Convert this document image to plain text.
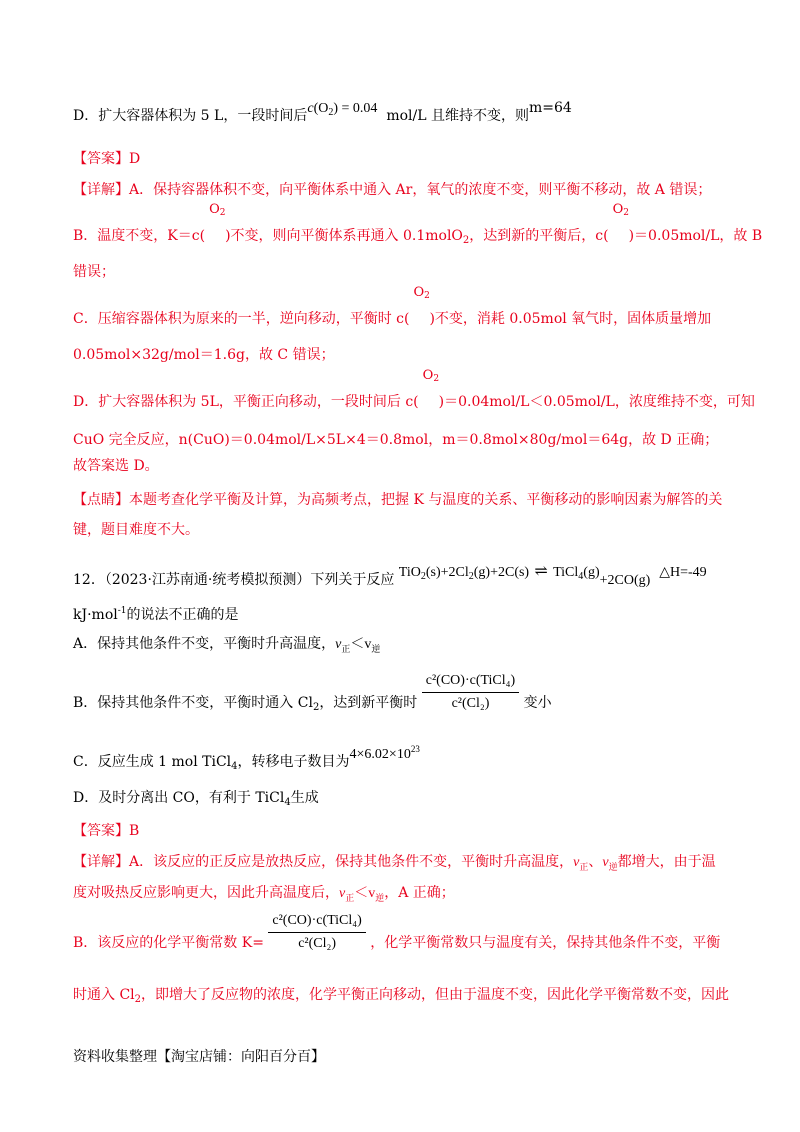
D．扩大容器体积为 5 L，一段时间后$c(O_2) = 0.04$ mol/L 且维持不变，则m=64
【答案】D
【详解】A．保持容器体积不变，向平衡体系中通入 Ar，氧气的浓度不变，则平衡不移动，故 A 错误；
B．温度不变，K＝c(
$O_2$
)不变，则向平衡体系再通入 0.1molO$_2$，达到新的平衡后，c(
$O_2$
)＝0.05mol/L，故 B
错误；
C．压缩容器体积为原来的一半，逆向移动，平衡时 c(
$O_2$
)不变，消耗 0.05mol 氧气时，固体质量增加
0.05mol×32g/mol＝1.6g，故 C 错误；
D．扩大容器体积为 5L，平衡正向移动，一段时间后 c(
$O_2$
)＝0.04mol/L＜0.05mol/L，浓度维持不变，可知
CuO 完全反应，n(CuO)＝0.04mol/L×5L×4＝0.8mol，m＝0.8mol×80g/mol＝64g，故 D 正确；
故答案选 D。
【点睛】本题考查化学平衡及计算，为高频考点，把握 K 与温度的关系、平衡移动的影响因素为解答的关
键，题目难度不大。
12．（2023·江苏南通·统考模拟预测）下列关于反应 $TiO_2(s)+2Cl_2(g)+2C(s)$ ⇌ TiCl$_4$(g)+2CO(g)  △H=-49
kJ·mol$^{-1}$的说法不正确的是
A．保持其他条件不变，平衡时升高温度，$v_正<v_逆$
B．保持其他条件不变，平衡时通入 $Cl_2$，达到新平衡时 $\frac{\text{c²(CO)·c(TiCl₄)}}{\text{c²(Cl₂)}}$ 变小
C．反应生成 1 mol TiCl$_4$，转移电子数目为$4\times 6.02\times 10^{23}$
D．及时分离出 CO，有利于 TiCl$_4$生成
【答案】B
【详解】A．该反应的正反应是放热反应，保持其他条件不变，平衡时升高温度，$v_正$、$v_逆$都增大，由于温
度对吸热反应影响更大，因此升高温度后，$v_正<v_逆$，A 正确；
B．该反应的化学平衡常数 $K= \frac{\text{c²(CO)·c(TiCl₄)}}{\text{c²(Cl₂)}}$ ，化学平衡常数只与温度有关，保持其他条件不变，平衡
时通入 $Cl_2$，即增大了反应物的浓度，化学平衡正向移动，但由于温度不变，因此化学平衡常数不变，因此
资料收集整理【淘宝店铺：向阳百分百】
